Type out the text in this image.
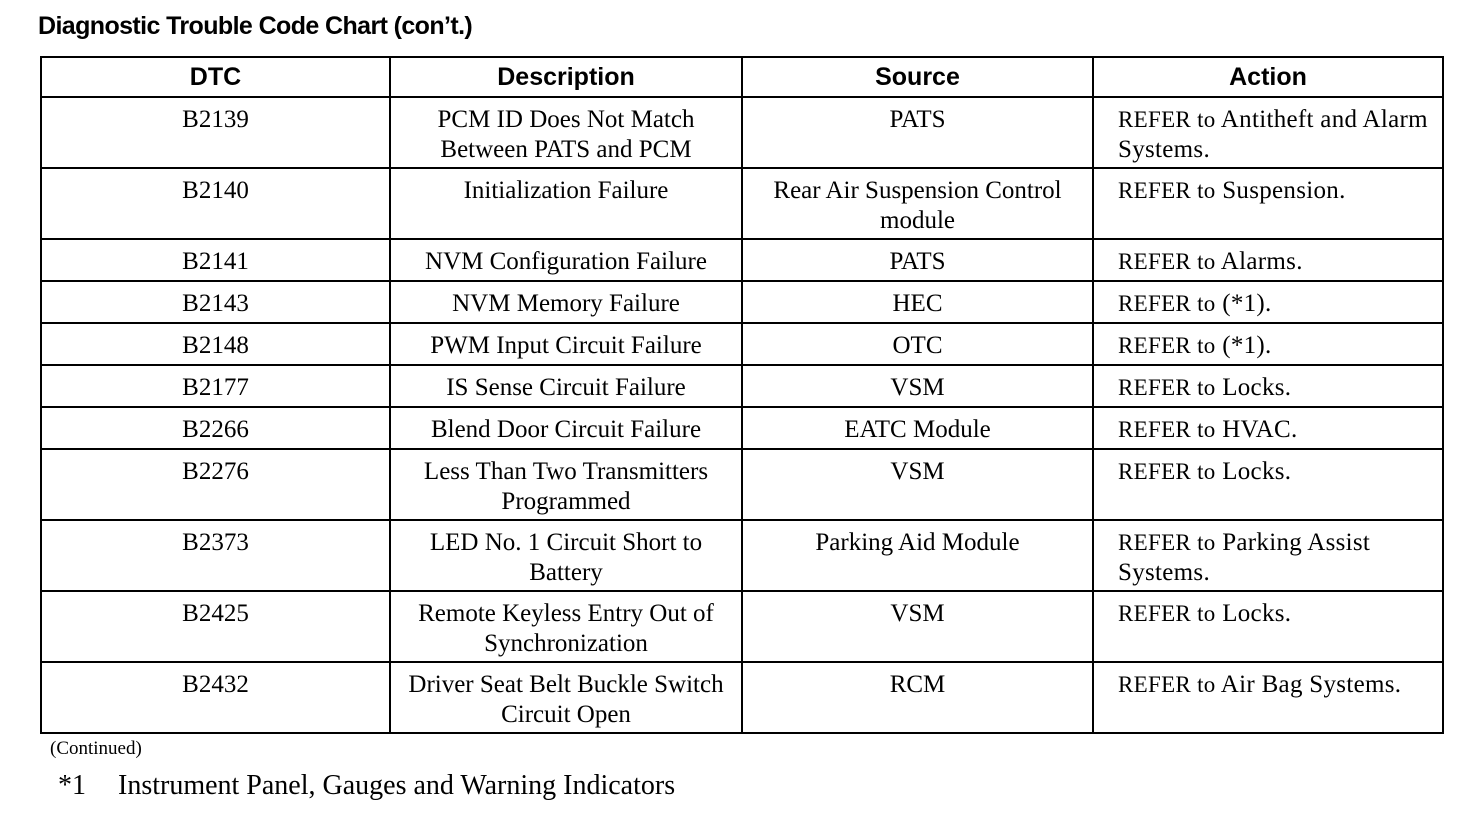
Diagnostic Trouble Code Chart (con’t.)
DTC	Description	Source	Action
B2139	PCM ID Does Not Match Between PATS and PCM	PATS	REFER to Antitheft and Alarm Systems.
B2140	Initialization Failure	Rear Air Suspension Control module	REFER to Suspension.
B2141	NVM Configuration Failure	PATS	REFER to Alarms.
B2143	NVM Memory Failure	HEC	REFER to (*1).
B2148	PWM Input Circuit Failure	OTC	REFER to (*1).
B2177	IS Sense Circuit Failure	VSM	REFER to Locks.
B2266	Blend Door Circuit Failure	EATC Module	REFER to HVAC.
B2276	Less Than Two Transmitters Programmed	VSM	REFER to Locks.
B2373	LED No. 1 Circuit Short to Battery	Parking Aid Module	REFER to Parking Assist Systems.
B2425	Remote Keyless Entry Out of Synchronization	VSM	REFER to Locks.
B2432	Driver Seat Belt Buckle Switch Circuit Open	RCM	REFER to Air Bag Systems.
(Continued)
*1 Instrument Panel, Gauges and Warning Indicators
